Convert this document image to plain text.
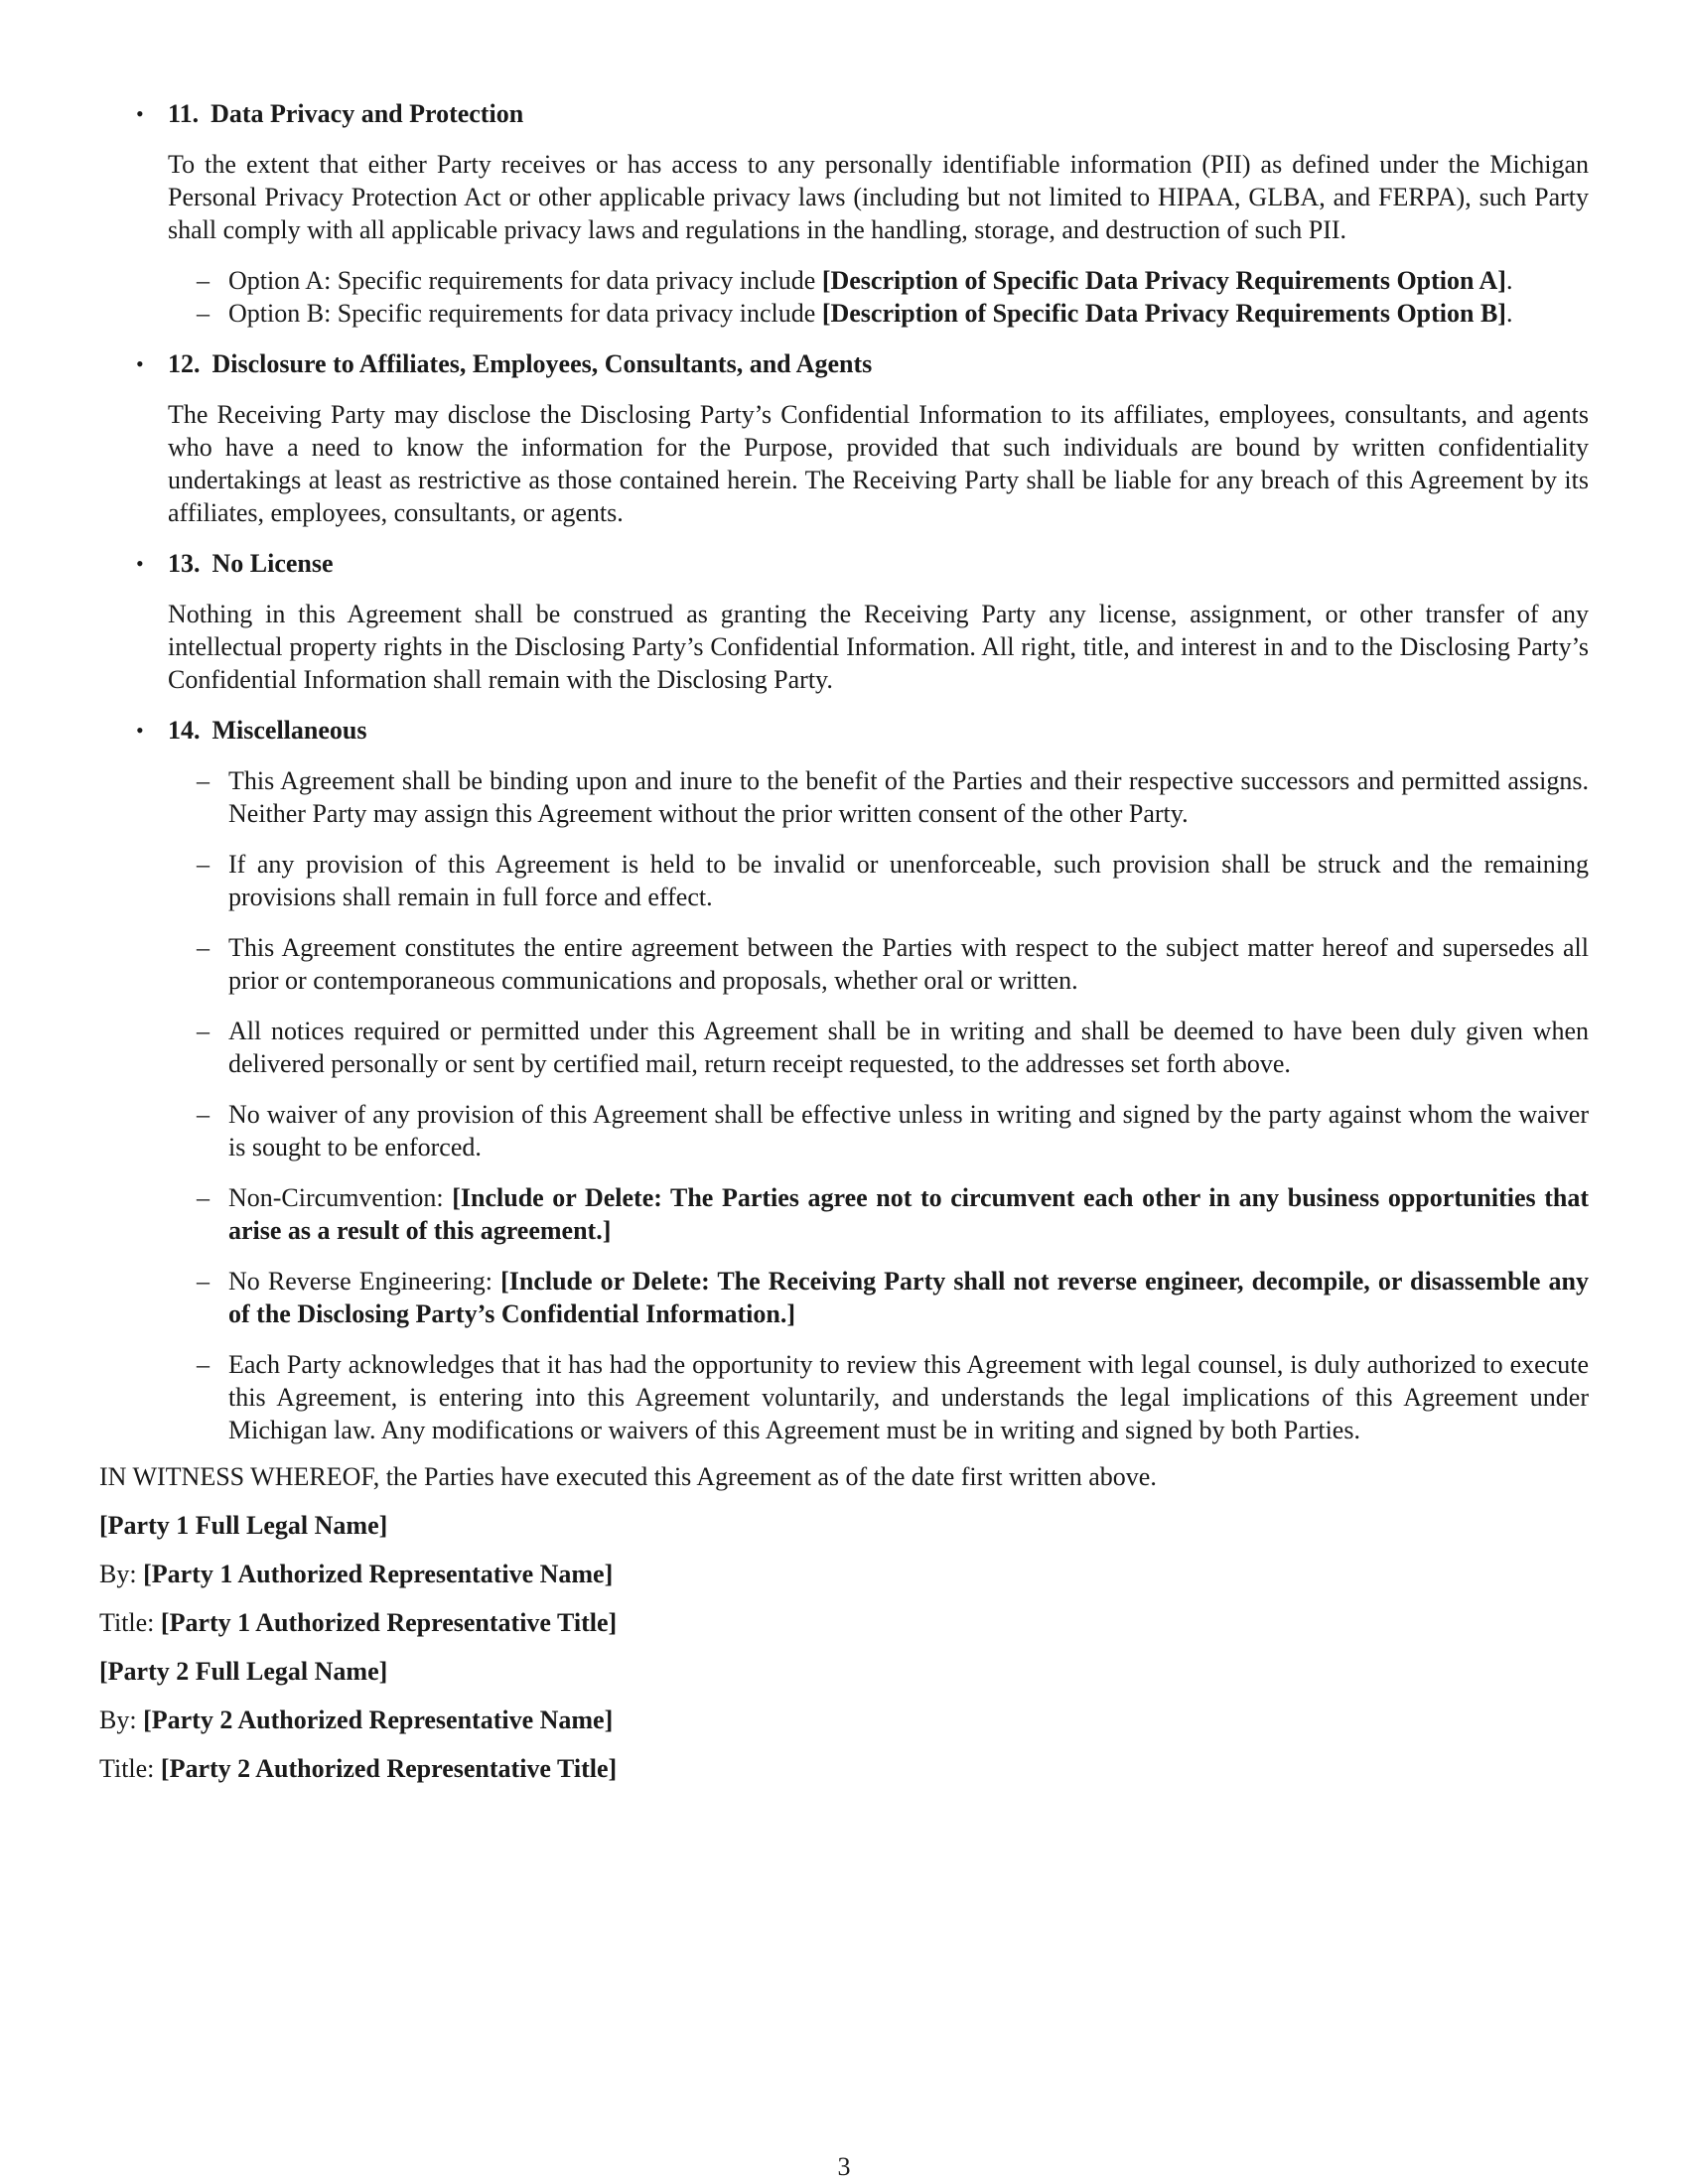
• 11. Data Privacy and Protection
To the extent that either Party receives or has access to any personally identifiable information (PII) as defined under the Michigan Personal Privacy Protection Act or other applicable privacy laws (including but not limited to HIPAA, GLBA, and FERPA), such Party shall comply with all applicable privacy laws and regulations in the handling, storage, and destruction of such PII.
– Option A: Specific requirements for data privacy include [Description of Specific Data Privacy Requirements Option A].
– Option B: Specific requirements for data privacy include [Description of Specific Data Privacy Requirements Option B].
• 12. Disclosure to Affiliates, Employees, Consultants, and Agents
The Receiving Party may disclose the Disclosing Party’s Confidential Information to its affiliates, employees, consultants, and agents who have a need to know the information for the Purpose, provided that such individuals are bound by written confidentiality undertakings at least as restrictive as those contained herein. The Receiving Party shall be liable for any breach of this Agreement by its affiliates, employees, consultants, or agents.
• 13. No License
Nothing in this Agreement shall be construed as granting the Receiving Party any license, assignment, or other transfer of any intellectual property rights in the Disclosing Party’s Confidential Information. All right, title, and interest in and to the Disclosing Party’s Confidential Information shall remain with the Disclosing Party.
• 14. Miscellaneous
– This Agreement shall be binding upon and inure to the benefit of the Parties and their respective successors and permitted assigns. Neither Party may assign this Agreement without the prior written consent of the other Party.
– If any provision of this Agreement is held to be invalid or unenforceable, such provision shall be struck and the remaining provisions shall remain in full force and effect.
– This Agreement constitutes the entire agreement between the Parties with respect to the subject matter hereof and supersedes all prior or contemporaneous communications and proposals, whether oral or written.
– All notices required or permitted under this Agreement shall be in writing and shall be deemed to have been duly given when delivered personally or sent by certified mail, return receipt requested, to the addresses set forth above.
– No waiver of any provision of this Agreement shall be effective unless in writing and signed by the party against whom the waiver is sought to be enforced.
– Non-Circumvention: [Include or Delete: The Parties agree not to circumvent each other in any business opportunities that arise as a result of this agreement.]
– No Reverse Engineering: [Include or Delete: The Receiving Party shall not reverse engineer, decompile, or disassemble any of the Disclosing Party’s Confidential Information.]
– Each Party acknowledges that it has had the opportunity to review this Agreement with legal counsel, is duly authorized to execute this Agreement, is entering into this Agreement voluntarily, and understands the legal implications of this Agreement under Michigan law. Any modifications or waivers of this Agreement must be in writing and signed by both Parties.
IN WITNESS WHEREOF, the Parties have executed this Agreement as of the date first written above.
[Party 1 Full Legal Name]
By: [Party 1 Authorized Representative Name]
Title: [Party 1 Authorized Representative Title]
[Party 2 Full Legal Name]
By: [Party 2 Authorized Representative Name]
Title: [Party 2 Authorized Representative Title]
3
